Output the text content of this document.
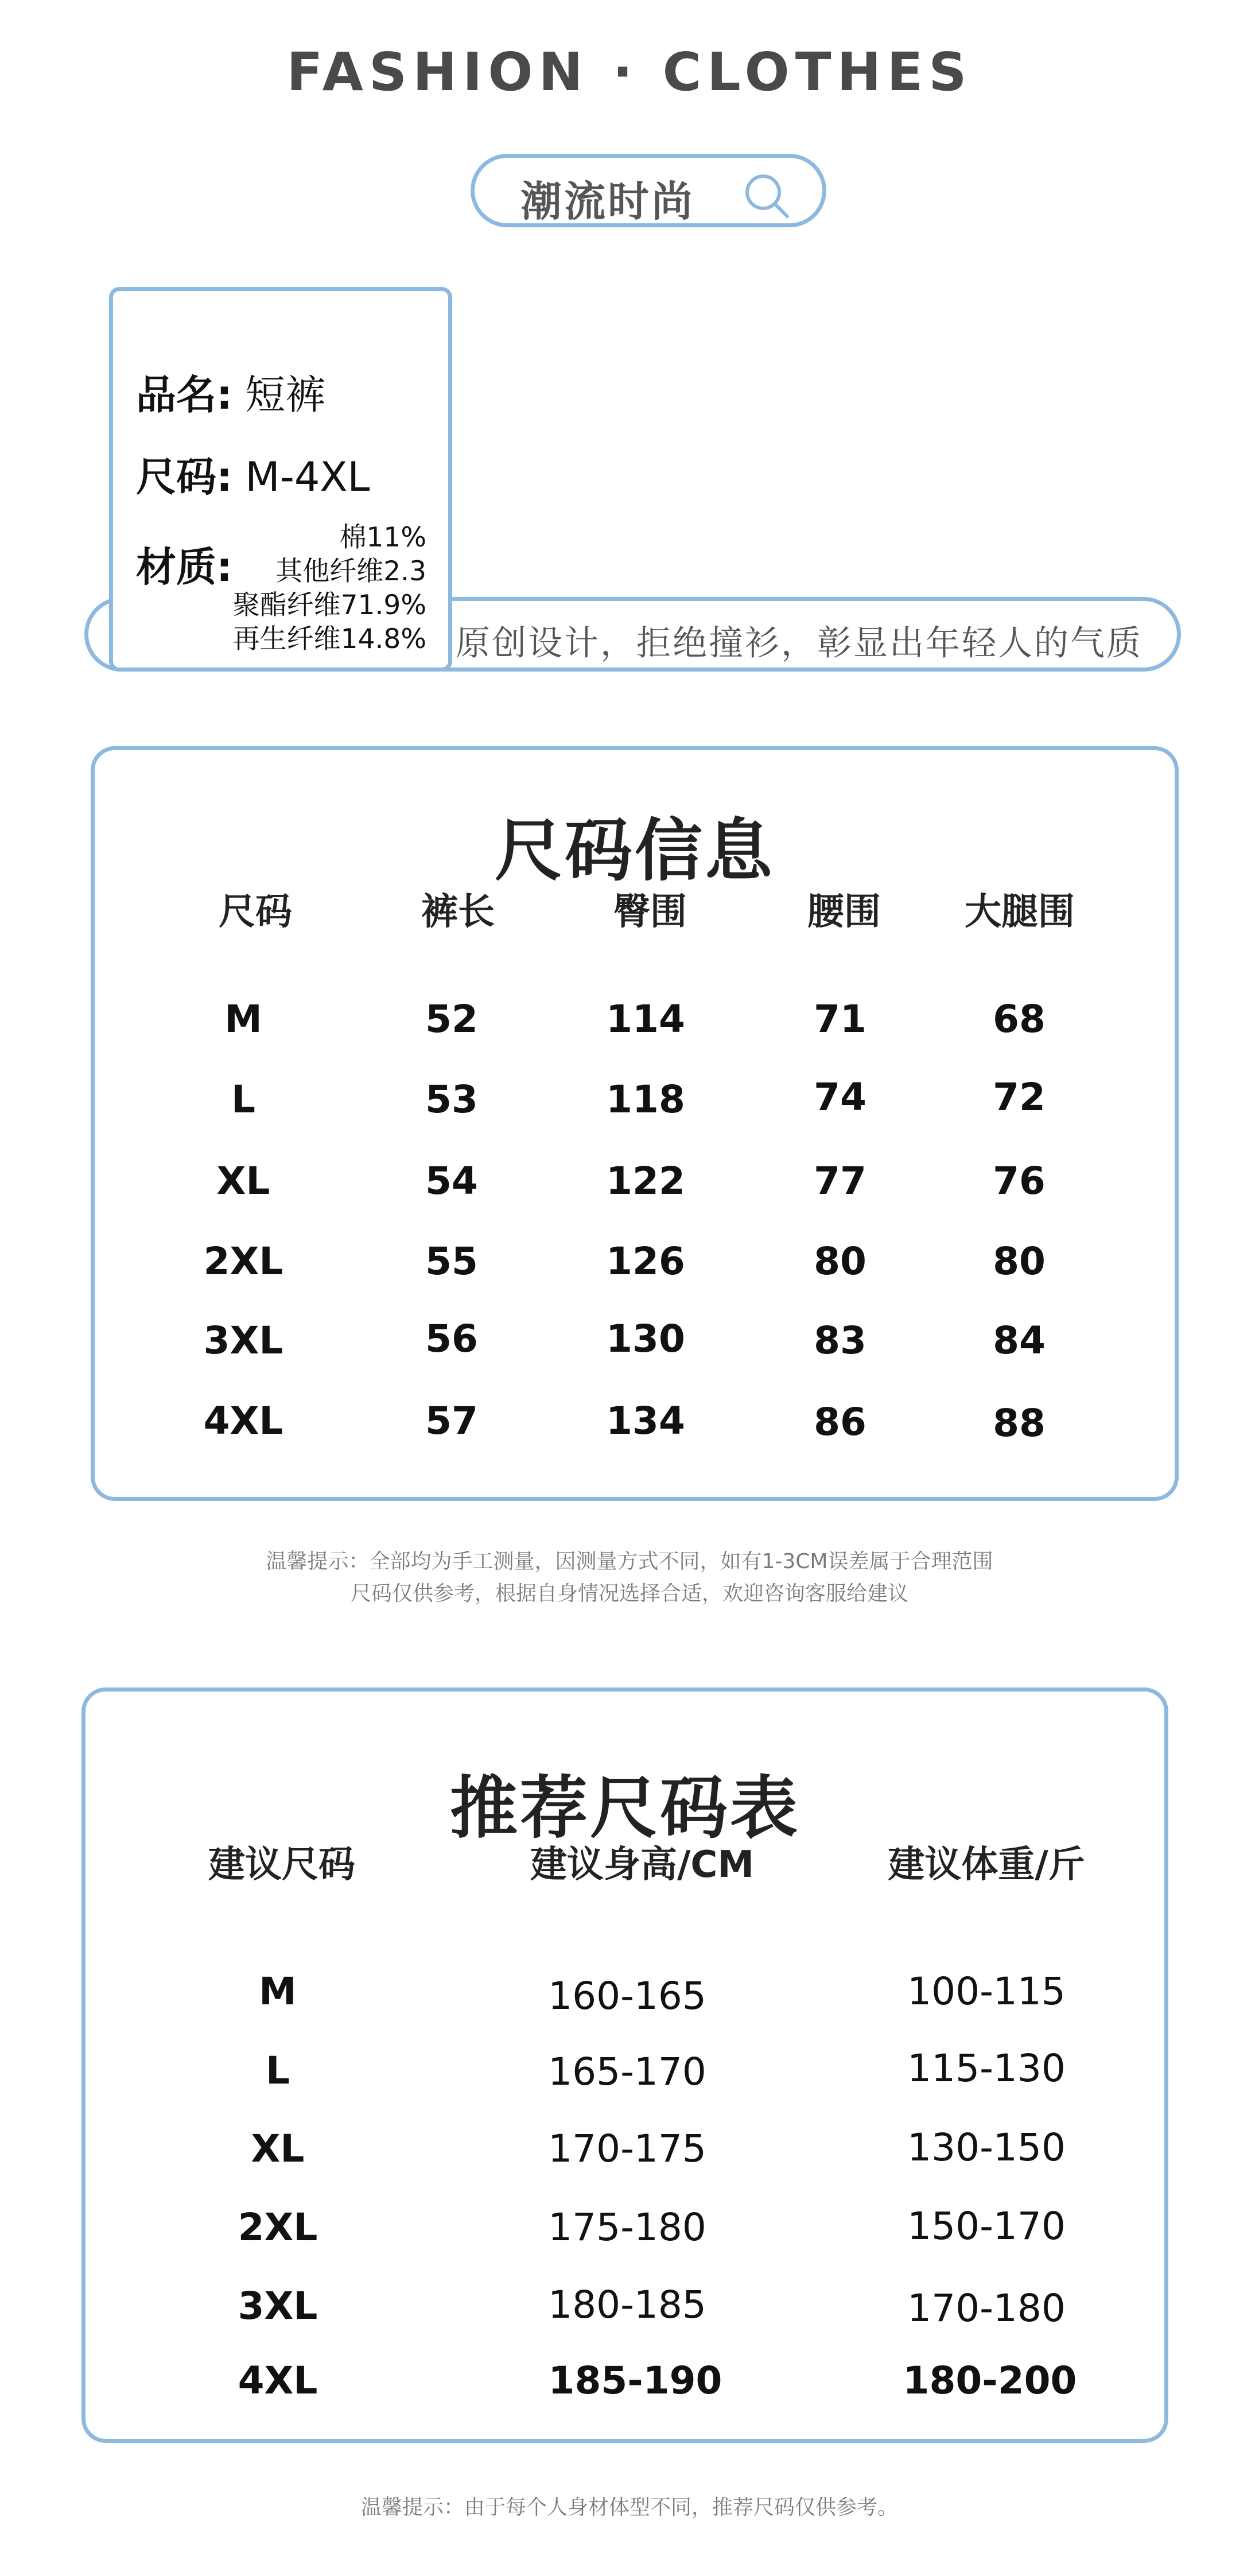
FASHION · CLOTHES
潮流时尚
原创设计，拒绝撞衫，彰显出年轻人的气质
品名: 短裤
尺码: M-4XL
材质:
棉11%
其他纤维2.3
聚酯纤维71.9%
再生纤维14.8%
尺码信息
尺码	裤长	臀围	腰围 大腿围
M	52	114	71	68
L	53	118	74	72
XL	54	122	77	76
2XL	55	126	80	80
3XL	56	130	83	84
4XL	57	134	86	88
温馨提示：全部均为手工测量，因测量方式不同，如有1-3CM误差属于合理范围
尺码仅供参考，根据自身情况选择合适，欢迎咨询客服给建议
推荐尺码表
建议尺码	建议身高/CM	建议体重/斤
M	160-165	100-115
L	165-170	115-130
XL	170-175	130-150
2XL	175-180	150-170
3XL	180-185	170-180
4XL	185-190	180-200
温馨提示：由于每个人身材体型不同，推荐尺码仅供参考。
